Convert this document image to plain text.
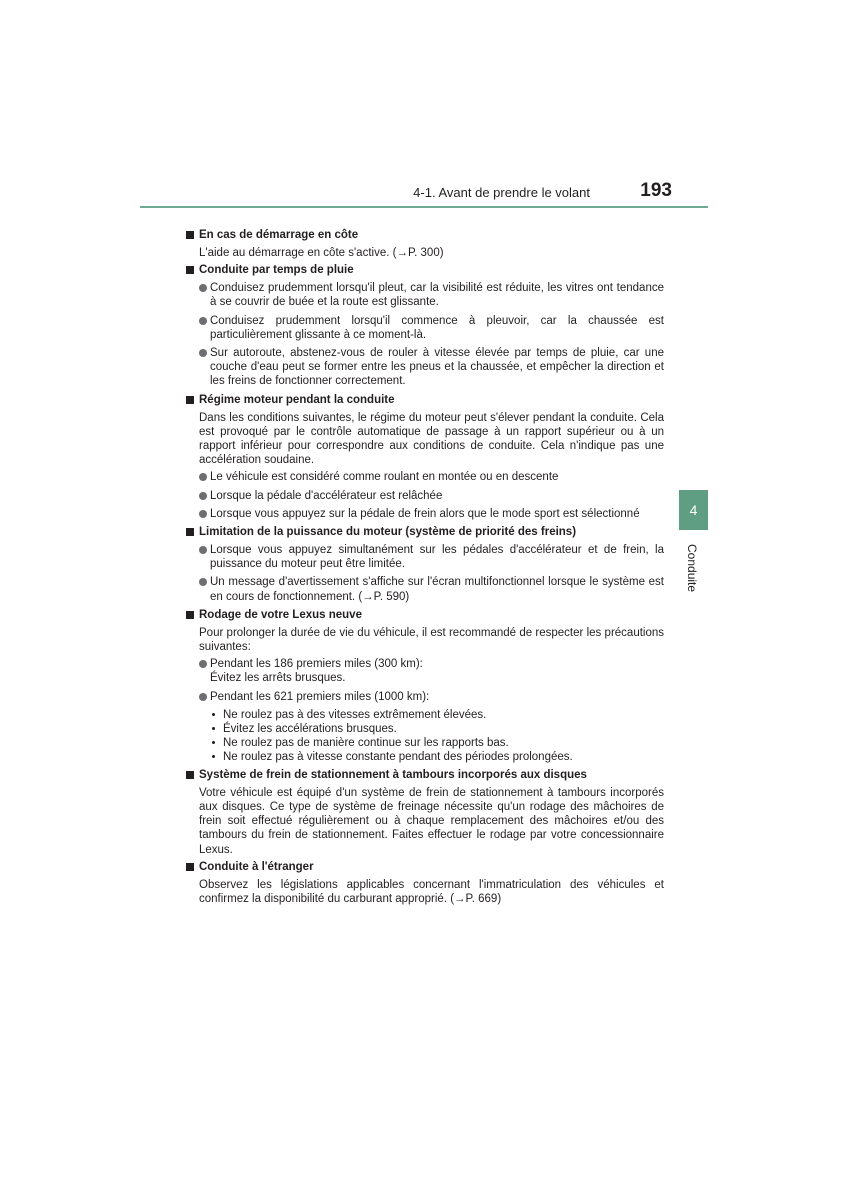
4-1. Avant de prendre le volant	193
4
Conduite
En cas de démarrage en côte
L'aide au démarrage en côte s'active. (→P. 300)
Conduite par temps de pluie
Conduisez prudemment lorsqu'il pleut, car la visibilité est réduite, les vitres ont tendance à se couvrir de buée et la route est glissante.
Conduisez prudemment lorsqu'il commence à pleuvoir, car la chaussée est particulièrement glissante à ce moment-là.
Sur autoroute, abstenez-vous de rouler à vitesse élevée par temps de pluie, car une couche d'eau peut se former entre les pneus et la chaussée, et empêcher la direction et les freins de fonctionner correctement.
Régime moteur pendant la conduite
Dans les conditions suivantes, le régime du moteur peut s'élever pendant la conduite. Cela est provoqué par le contrôle automatique de passage à un rapport supérieur ou à un rapport inférieur pour correspondre aux conditions de conduite. Cela n'indique pas une accélération soudaine.
Le véhicule est considéré comme roulant en montée ou en descente
Lorsque la pédale d'accélérateur est relâchée
Lorsque vous appuyez sur la pédale de frein alors que le mode sport est sélectionné
Limitation de la puissance du moteur (système de priorité des freins)
Lorsque vous appuyez simultanément sur les pédales d'accélérateur et de frein, la puissance du moteur peut être limitée.
Un message d'avertissement s'affiche sur l'écran multifonctionnel lorsque le système est en cours de fonctionnement. (→P. 590)
Rodage de votre Lexus neuve
Pour prolonger la durée de vie du véhicule, il est recommandé de respecter les précautions suivantes:
Pendant les 186 premiers miles (300 km):
Évitez les arrêts brusques.
Pendant les 621 premiers miles (1000 km):
Ne roulez pas à des vitesses extrêmement élevées.
Évitez les accélérations brusques.
Ne roulez pas de manière continue sur les rapports bas.
Ne roulez pas à vitesse constante pendant des périodes prolongées.
Système de frein de stationnement à tambours incorporés aux disques
Votre véhicule est équipé d'un système de frein de stationnement à tambours incorporés aux disques. Ce type de système de freinage nécessite qu'un rodage des mâchoires de frein soit effectué régulièrement ou à chaque remplacement des mâchoires et/ou des tambours du frein de stationnement. Faites effectuer le rodage par votre concessionnaire Lexus.
Conduite à l'étranger
Observez les législations applicables concernant l'immatriculation des véhicules et confirmez la disponibilité du carburant approprié. (→P. 669)
